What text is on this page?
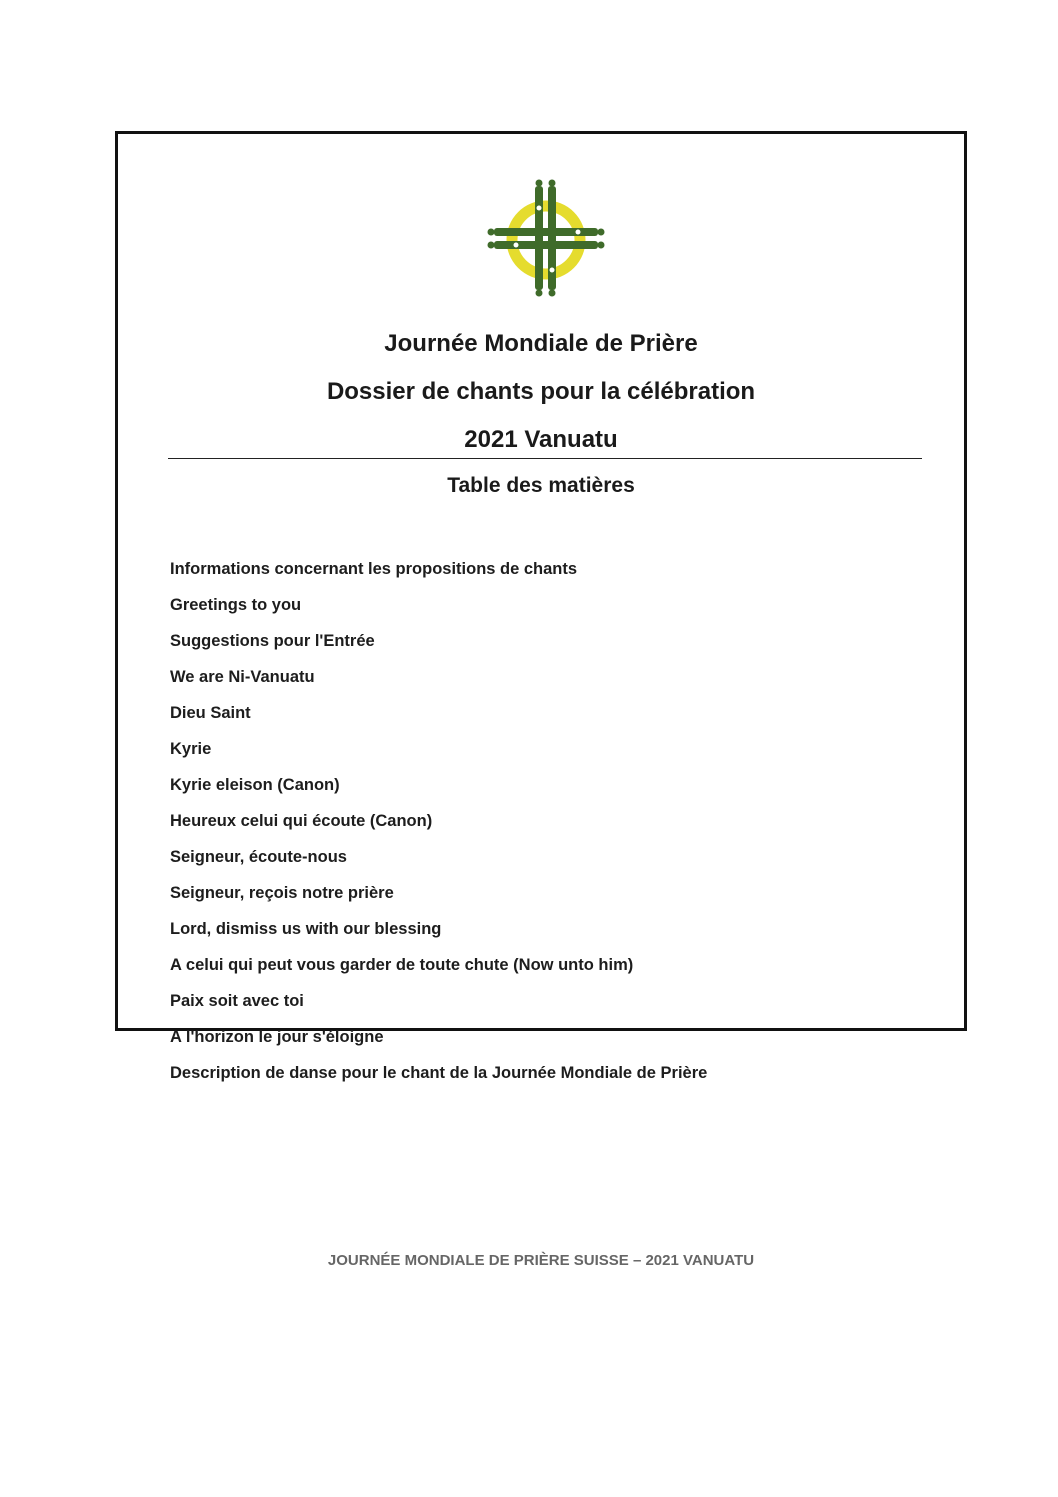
Journée Mondiale de Prière
Dossier de chants pour la célébration
2021 Vanuatu
Table des matières
Informations concernant les propositions de chants
Greetings to you
Suggestions pour l'Entrée
We are Ni-Vanuatu
Dieu Saint
Kyrie
Kyrie eleison (Canon)
Heureux celui qui écoute (Canon)
Seigneur, écoute-nous
Seigneur, reçois notre prière
Lord, dismiss us with our blessing
A celui qui peut vous garder de toute chute (Now unto him)
Paix soit avec toi
A l'horizon le jour s'éloigne
Description de danse pour le chant de la Journée Mondiale de Prière
JOURNÉE MONDIALE DE PRIÈRE SUISSE – 2021 VANUATU
